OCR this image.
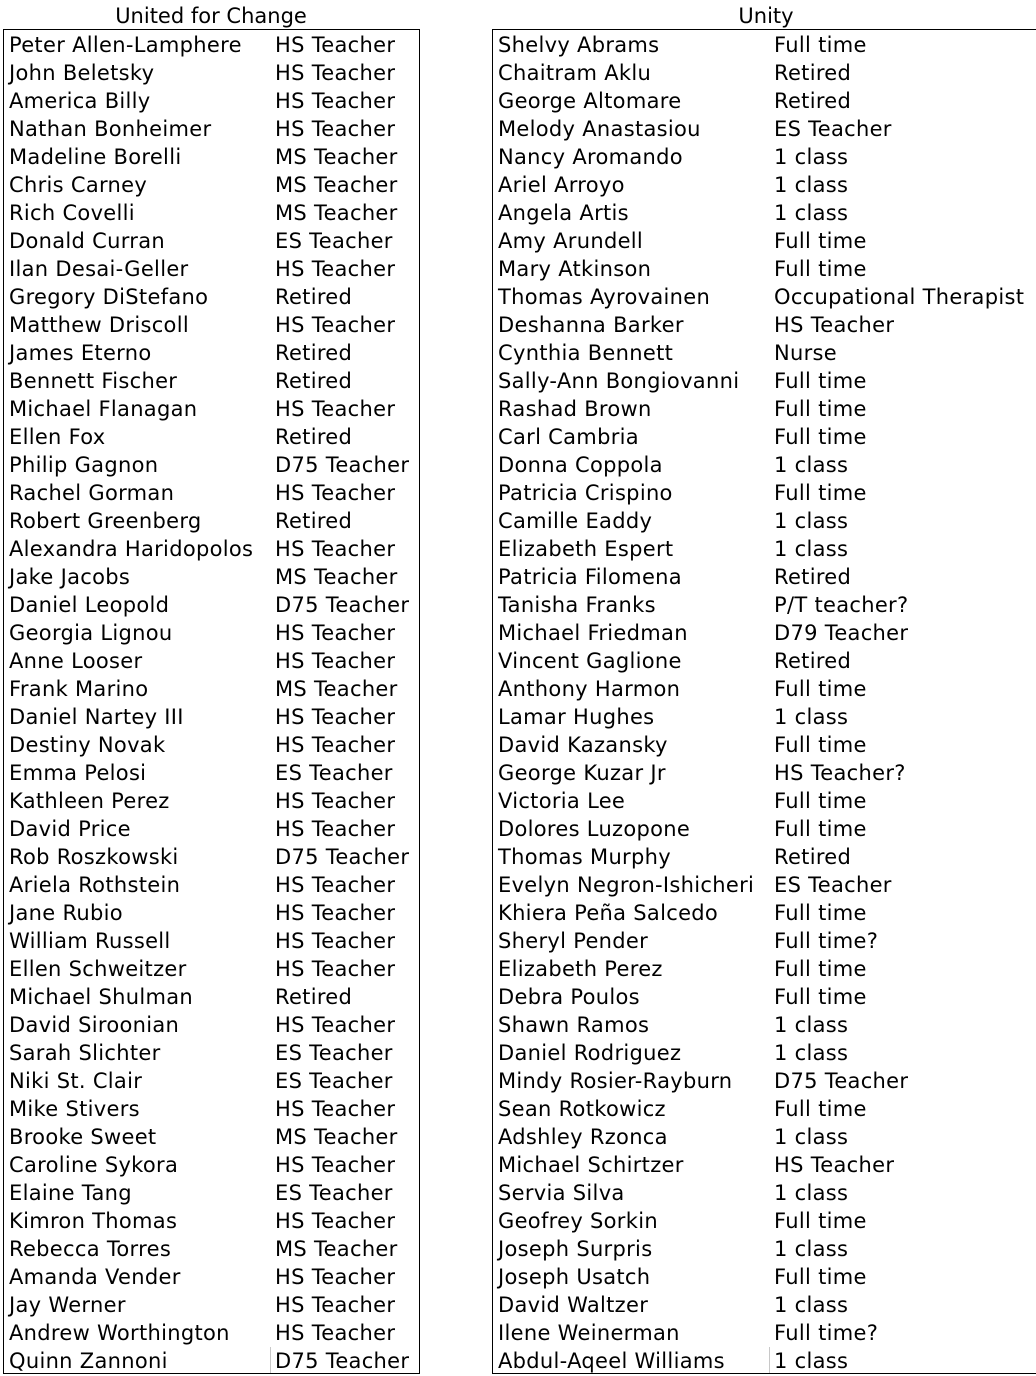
United for Change	Unity
Peter Allen-Lamphere HS Teacher
John Beletsky	HS Teacher
America Billy	HS Teacher
Nathan Bonheimer	HS Teacher
Madeline Borelli	MS Teacher
Chris Carney	MS Teacher
Rich Covelli	MS Teacher
Donald Curran	ES Teacher
Ilan Desai-Geller	HS Teacher
Gregory DiStefano	Retired
Matthew Driscoll	HS Teacher
James Eterno	Retired
Bennett Fischer	Retired
Michael Flanagan	HS Teacher
Ellen Fox	Retired
Philip Gagnon	D75 Teacher
Rachel Gorman	HS Teacher
Robert Greenberg	Retired
Alexandra Haridopolos HS Teacher
Jake Jacobs	MS Teacher
Daniel Leopold	D75 Teacher
Georgia Lignou	HS Teacher
Anne Looser	HS Teacher
Frank Marino	MS Teacher
Daniel Nartey III	HS Teacher
Destiny Novak	HS Teacher
Emma Pelosi	ES Teacher
Kathleen Perez	HS Teacher
David Price	HS Teacher
Rob Roszkowski	D75 Teacher
Ariela Rothstein	HS Teacher
Jane Rubio	HS Teacher
William Russell	HS Teacher
Ellen Schweitzer	HS Teacher
Michael Shulman	Retired
David Siroonian	HS Teacher
Sarah Slichter	ES Teacher
Niki St. Clair	ES Teacher
Mike Stivers	HS Teacher
Brooke Sweet	MS Teacher
Caroline Sykora	HS Teacher
Elaine Tang	ES Teacher
Kimron Thomas	HS Teacher
Rebecca Torres	MS Teacher
Amanda Vender	HS Teacher
Jay Werner	HS Teacher
Andrew Worthington HS Teacher
Quinn Zannoni	D75 Teacher
Shelvy Abrams	Full time
Chaitram Aklu	Retired
George Altomare	Retired
Melody Anastasiou	ES Teacher
Nancy Aromando	1 class
Ariel Arroyo	1 class
Angela Artis	1 class
Amy Arundell	Full time
Mary Atkinson	Full time
Thomas Ayrovainen	Occupational Therapist
Deshanna Barker	HS Teacher
Cynthia Bennett	Nurse
Sally-Ann Bongiovanni Full time
Rashad Brown	Full time
Carl Cambria	Full time
Donna Coppola	1 class
Patricia Crispino	Full time
Camille Eaddy	1 class
Elizabeth Espert	1 class
Patricia Filomena	Retired
Tanisha Franks	P/T teacher?
Michael Friedman	D79 Teacher
Vincent Gaglione	Retired
Anthony Harmon	Full time
Lamar Hughes	1 class
David Kazansky	Full time
George Kuzar Jr	HS Teacher?
Victoria Lee	Full time
Dolores Luzopone	Full time
Thomas Murphy	Retired
Evelyn Negron-Ishicheri ES Teacher
Khiera Peña Salcedo	Full time
Sheryl Pender	Full time?
Elizabeth Perez	Full time
Debra Poulos	Full time
Shawn Ramos	1 class
Daniel Rodriguez	1 class
Mindy Rosier-Rayburn D75 Teacher
Sean Rotkowicz	Full time
Adshley Rzonca	1 class
Michael Schirtzer	HS Teacher
Servia Silva	1 class
Geofrey Sorkin	Full time
Joseph Surpris	1 class
Joseph Usatch	Full time
David Waltzer	1 class
Ilene Weinerman	Full time?
Abdul-Aqeel Williams 1 class
